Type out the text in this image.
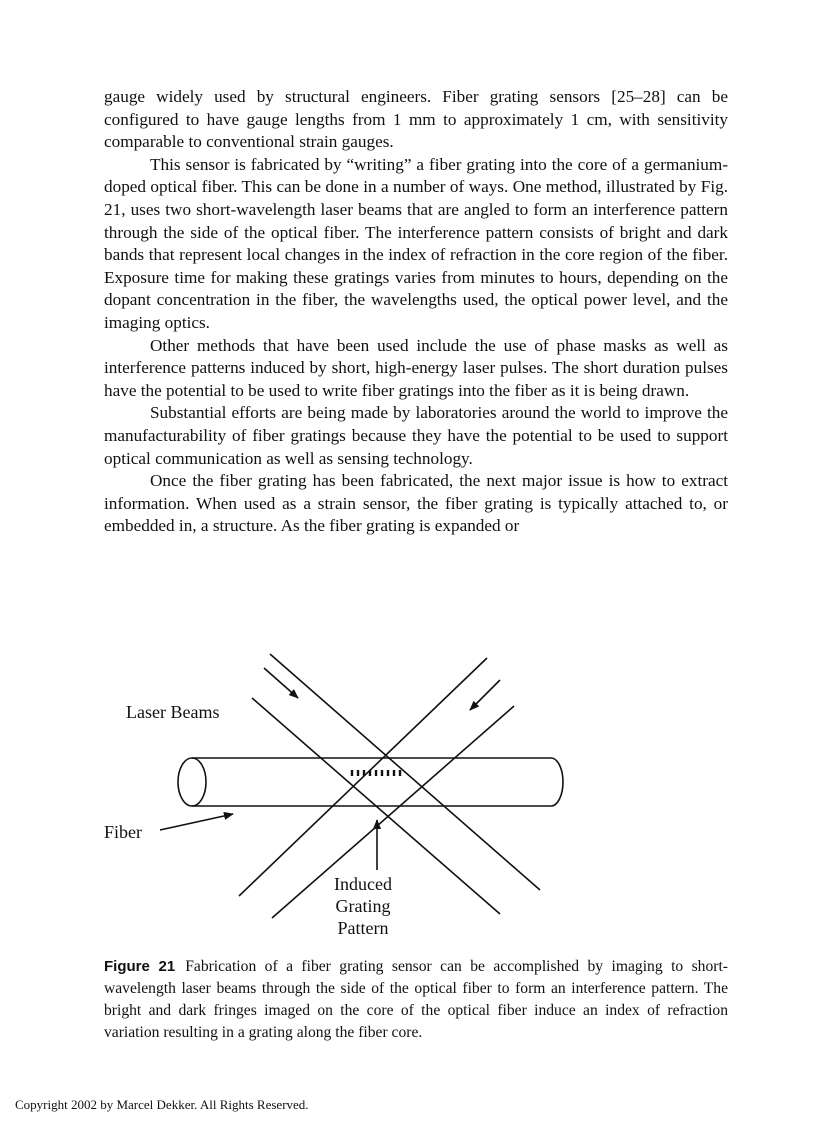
gauge widely used by structural engineers. Fiber grating sensors [25–28] can be configured to have gauge lengths from 1 mm to approximately 1 cm, with sensitivity comparable to conventional strain gauges.

This sensor is fabricated by “writing” a fiber grating into the core of a germanium-doped optical fiber. This can be done in a number of ways. One method, illustrated by Fig. 21, uses two short-wavelength laser beams that are angled to form an interference pattern through the side of the optical fiber. The interference pattern consists of bright and dark bands that represent local changes in the index of refraction in the core region of the fiber. Exposure time for making these gratings varies from minutes to hours, depending on the dopant concentration in the fiber, the wavelengths used, the optical power level, and the imaging optics.

Other methods that have been used include the use of phase masks as well as interference patterns induced by short, high-energy laser pulses. The short duration pulses have the potential to be used to write fiber gratings into the fiber as it is being drawn.

Substantial efforts are being made by laboratories around the world to improve the manufacturability of fiber gratings because they have the potential to be used to support optical communication as well as sensing technology.

Once the fiber grating has been fabricated, the next major issue is how to extract information. When used as a strain sensor, the fiber grating is typically attached to, or embedded in, a structure. As the fiber grating is expanded or

Laser Beams
Fiber
Induced
Grating
Pattern
Figure 21 Fabrication of a fiber grating sensor can be accomplished by imaging to short-wavelength laser beams through the side of the optical fiber to form an interference pattern. The bright and dark fringes imaged on the core of the optical fiber induce an index of refraction variation resulting in a grating along the fiber core.
Copyright 2002 by Marcel Dekker. All Rights Reserved.
